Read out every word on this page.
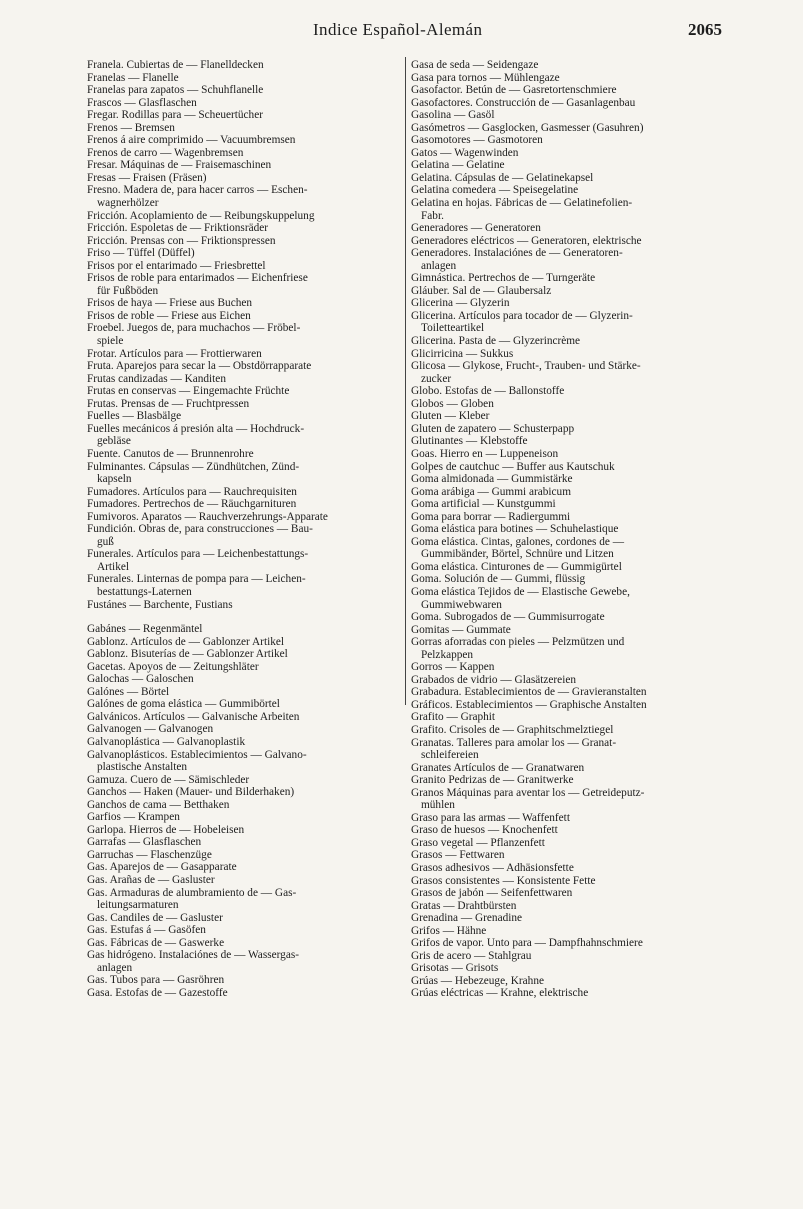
Indice Español-Alemán	2065
Franela. Cubiertas de — Flanelldecken
Franelas — Flanelle
Franelas para zapatos — Schuhflanelle
Frascos — Glasflaschen
Fregar. Rodillas para — Scheuertücher
Frenos — Bremsen
Frenos á aire comprimido — Vacuumbremsen
Frenos de carro — Wagenbremsen
Fresar. Máquinas de — Fraisemaschinen
Fresas — Fraisen (Fräsen)
Fresno. Madera de, para hacer carros — Eschen-
wagnerhölzer
Fricción. Acoplamiento de — Reibungskuppelung
Fricción. Espoletas de — Friktionsräder
Fricción. Prensas con — Friktionspressen
Friso — Tüffel (Düffel)
Frisos por el entarimado — Friesbrettel
Frisos de roble para entarimados — Eichenfriese
für Fußböden
Frisos de haya — Friese aus Buchen
Frisos de roble — Friese aus Eichen
Froebel. Juegos de, para muchachos — Fröbel-
spiele
Frotar. Artículos para — Frottierwaren
Fruta. Aparejos para secar la — Obstdörrapparate
Frutas candizadas — Kanditen
Frutas en conservas — Eingemachte Früchte
Frutas. Prensas de — Fruchtpressen
Fuelles — Blasbälge
Fuelles mecánicos á presión alta — Hochdruck-
gebläse
Fuente. Canutos de — Brunnenrohre
Fulminantes. Cápsulas — Zündhütchen, Zünd-
kapseln
Fumadores. Artículos para — Rauchrequisiten
Fumadores. Pertrechos de — Räuchgarnituren
Fumivoros. Aparatos — Rauchverzehrungs-Apparate
Fundición. Obras de, para construcciones — Bau-
guß
Funerales. Artículos para — Leichenbestattungs-
Artikel
Funerales. Linternas de pompa para — Leichen-
bestattungs-Laternen
Fustánes — Barchente, Fustians
Gabánes — Regenmäntel
Gablonz. Artículos de — Gablonzer Artikel
Gablonz. Bisuterías de — Gablonzer Artikel
Gacetas. Apoyos de — Zeitungshläter
Galochas — Galoschen
Galónes — Börtel
Galónes de goma elástica — Gummibörtel
Galvánicos. Artículos — Galvanische Arbeiten
Galvanogen — Galvanogen
Galvanoplástica — Galvanoplastik
Galvanoplásticos. Establecimientos — Galvano-
plastische Anstalten
Gamuza. Cuero de — Sämischleder
Ganchos — Haken (Mauer- und Bilderhaken)
Ganchos de cama — Betthaken
Garfios — Krampen
Garlopa. Hierros de — Hobeleisen
Garrafas — Glasflaschen
Garruchas — Flaschenzüge
Gas. Aparejos de — Gasapparate
Gas. Arañas de — Gasluster
Gas. Armaduras de alumbramiento de — Gas-
leitungsarmaturen
Gas. Candiles de — Gasluster
Gas. Estufas á — Gasöfen
Gas. Fábricas de — Gaswerke
Gas hidrógeno. Instalaciónes de — Wassergas-
anlagen
Gas. Tubos para — Gasröhren
Gasa. Estofas de — Gazestoffe
Gasa de seda — Seidengaze
Gasa para tornos — Mühlengaze
Gasofactor. Betún de — Gasretortenschmiere
Gasofactores. Construcción de — Gasanlagenbau
Gasolina — Gasöl
Gasómetros — Gasglocken, Gasmesser (Gasuhren)
Gasomotores — Gasmotoren
Gatos — Wagenwinden
Gelatina — Gelatine
Gelatina. Cápsulas de — Gelatinekapsel
Gelatina comedera — Speisegelatine
Gelatina en hojas. Fábricas de — Gelatinefolien-
Fabr.
Generadores — Generatoren
Generadores eléctricos — Generatoren, elektrische
Generadores. Instalaciónes de — Generatoren-
anlagen
Gimnástica. Pertrechos de — Turngeräte
Gláuber. Sal de — Glaubersalz
Glicerina — Glyzerin
Glicerina. Artículos para tocador de — Glyzerin-
Toiletteartikel
Glicerina. Pasta de — Glyzerincrème
Glicirricina — Sukkus
Glicosa — Glykose, Frucht-, Trauben- und Stärke-
zucker
Globo. Estofas de — Ballonstoffe
Globos — Globen
Gluten — Kleber
Gluten de zapatero — Schusterpapp
Glutinantes — Klebstoffe
Goas. Hierro en — Luppeneison
Golpes de cautchuc — Buffer aus Kautschuk
Goma almidonada — Gummistärke
Goma arábiga — Gummi arabicum
Goma artificial — Kunstgummi
Goma para borrar — Radiergummi
Goma elástica para botines — Schuhelastique
Goma elástica. Cintas, galones, cordones de —
Gummibänder, Börtel, Schnüre und Litzen
Goma elástica. Cinturones de — Gummigürtel
Goma. Solución de — Gummi, flüssig
Goma elástica Tejidos de — Elastische Gewebe,
Gummiwebwaren
Goma. Subrogados de — Gummisurrogate
Gomitas — Gummate
Gorras aforradas con pieles — Pelzmützen und
Pelzkappen
Gorros — Kappen
Grabados de vidrio — Glasätzereien
Grabadura. Establecimientos de — Gravieranstalten
Gráficos. Establecimientos — Graphische Anstalten
Grafito — Graphit
Grafito. Crisoles de — Graphitschmelztiegel
Granatas. Talleres para amolar los — Granat-
schleifereien
Granates Artículos de — Granatwaren
Granito Pedrizas de — Granitwerke
Granos Máquinas para aventar los — Getreideputz-
mühlen
Graso para las armas — Waffenfett
Graso de huesos — Knochenfett
Graso vegetal — Pflanzenfett
Grasos — Fettwaren
Grasos adhesivos — Adhäsionsfette
Grasos consistentes — Konsistente Fette
Grasos de jabón — Seifenfettwaren
Gratas — Drahtbürsten
Grenadina — Grenadine
Grifos — Hähne
Grifos de vapor. Unto para — Dampfhahnschmiere
Gris de acero — Stahlgrau
Grisotas — Grisots
Grúas — Hebezeuge, Krahne
Grúas eléctricas — Krahne, elektrische
